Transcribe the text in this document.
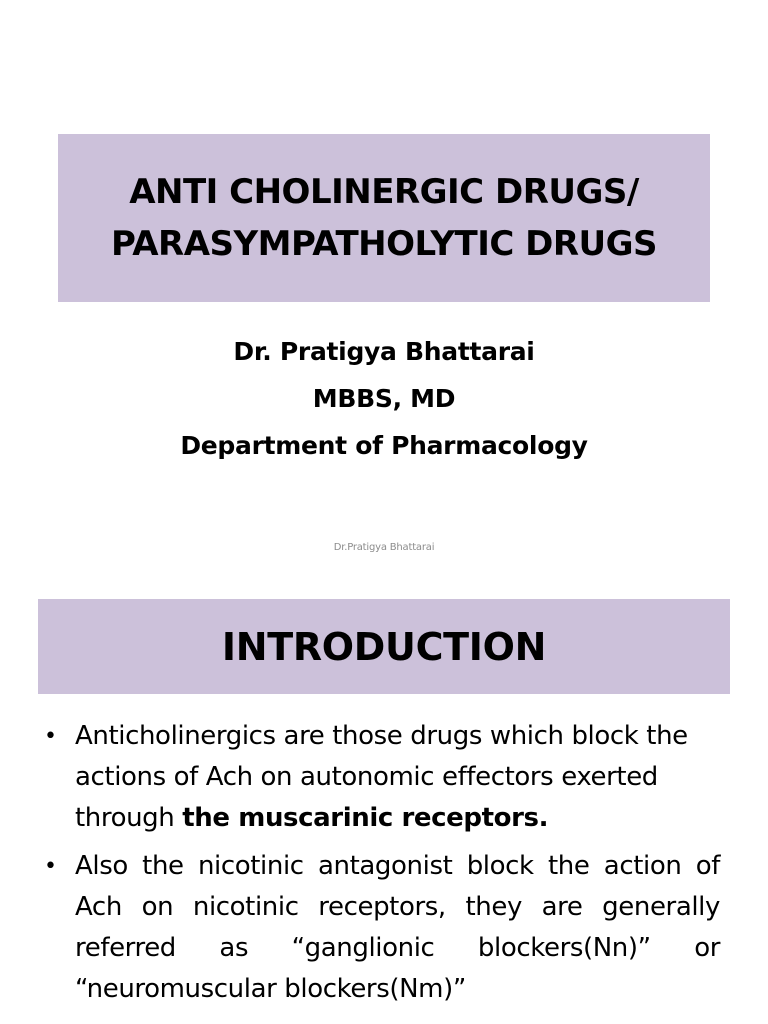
ANTI CHOLINERGIC DRUGS/
PARASYMPATHOLYTIC DRUGS
Dr. Pratigya Bhattarai
MBBS, MD
Department of Pharmacology
Dr.Pratigya Bhattarai
INTRODUCTION
• Anticholinergics are those drugs which block the actions of Ach on autonomic effectors exerted through the muscarinic receptors.
• Also the nicotinic antagonist block the action of Ach on nicotinic receptors, they are generally referred as “ganglionic blockers(Nn)” or “neuromuscular blockers(Nm)”
